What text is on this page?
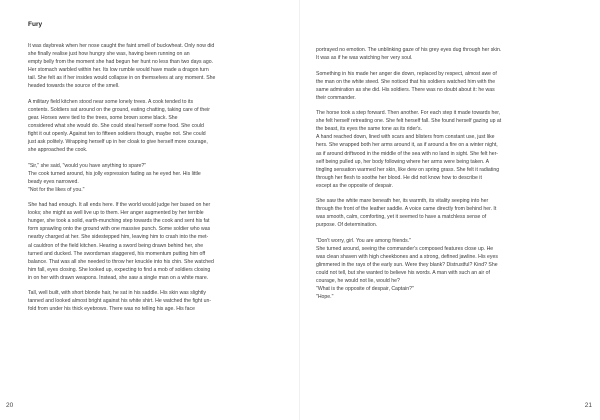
Fury

It was daybreak when her nose caught the faint smell of buckwheat. Only now did
she finally realise just how hungry she was, having been running on an
empty belly from the moment she had begun her hunt no less than two days ago.
Her stomach warbled within her. Its low rumble would have made a dragon turn
tail. She felt as if her insides would collapse in on themselves at any moment. She
headed towards the source of the smell.

A military field kitchen stood near some lonely trees. A cook tended to its
contents. Soldiers sat around on the ground, eating chatting, taking care of their
gear. Horses were tied to the trees, some brown some black. She
considered what she would do. She could steal herself some food. She could
fight it out openly. Against ten to fifteen soldiers though, maybe not. She could
just ask politely. Wrapping herself up in her cloak to give herself more courage,
she approached the cook.

"Sir," she said, "would you have anything to spare?"
The cook turned around, his jolly expression fading as he eyed her. His little
beady eyes narrowed.
"Not for the likes of you."

She had had enough. It all ends here. If the world would judge her based on her
looks; she might as well live up to them. Her anger augmented by her terrible
hunger, she took a solid, earth-munching step towards the cook and sent his fat
form sprawling onto the ground with one massive punch. Some soldier who was
nearby charged at her. She sidestepped him, leaving him to crash into the met-
al cauldron of the field kitchen. Hearing a sword being drawn behind her, she
turned and ducked. The swordsman staggered, his momentum putting him off
balance. That was all she needed to throw her knuckle into his chin. She watched
him fall, eyes closing. She looked up, expecting to find a mob of soldiers closing
in on her with drawn weapons. Instead, she saw a single man on a white mare.

Tall, well built, with short blonde hair, he sat in his saddle. His skin was slightly
tanned and looked almost bright against his white shirt. He watched the fight un-
fold from under his thick eyebrows. There was no telling his age. His face

portrayed no emotion. The unblinking gaze of his grey eyes dug through her skin.
It was as if he was watching her very soul.

Something in his made her anger die down, replaced by respect, almost awe of
the man on the white steed. She noticed that his soldiers watched him with the
same admiration as she did. His soldiers. There was no doubt about it: he was
their commander.

The horse took a step forward. Then another. For each step it made towards her,
she felt herself retreating one. She felt herself fall. She found herself gazing up at
the beast, its eyes the same tone as its rider's.
A hand reached down, lined with scars and blisters from constant use, just like
hers. She wrapped both her arms around it, as if around a fire on a winter night,
as if around driftwood in the middle of the sea with no land in sight. She felt her-
self being pulled up, her body following where her arms were being taken. A
tingling sensation warmed her skin, like dew on spring grass. She felt it radiating
through her flesh to soothe her blood. He did not know how to describe it
except as the opposite of despair.

She saw the white mare beneath her, its warmth, its vitality seeping into her
through the front of the leather saddle. A voice came directly from behind her. It
was smooth, calm, comforting, yet it seemed to have a matchless sense of
purpose. Of determination.

"Don't worry, girl. You are among friends."
She turned around, seeing the commander's composed features close up. He
was clean shaven with high cheekbones and a strong, defined jawline. His eyes
glimmered in the rays of the early sun. Were they blank? Distrustful? Kind? She
could not tell, but she wanted to believe his words. A man with such an air of
courage, he would not lie, would he?
"What is the opposite of despair, Captain?"
"Hope."

20	21
